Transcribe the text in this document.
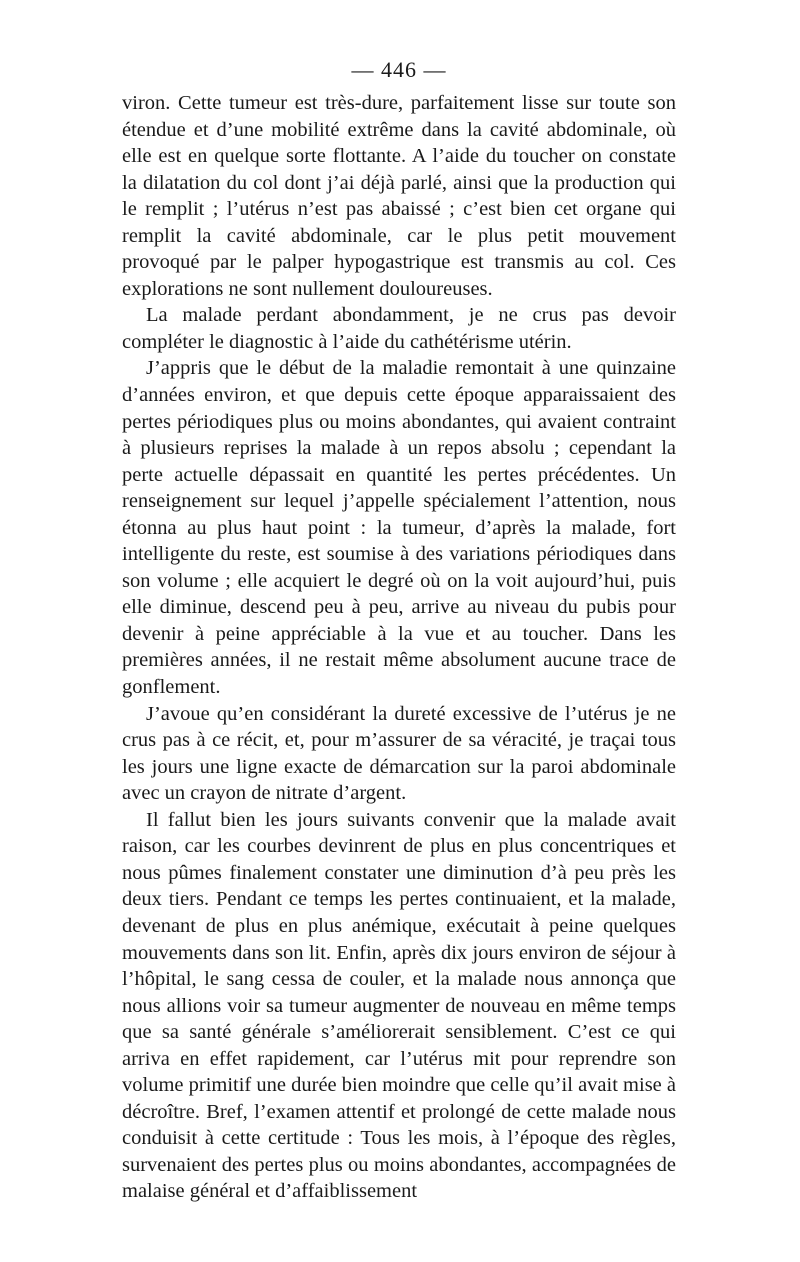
— 446 —

viron. Cette tumeur est très-dure, parfaitement lisse sur toute son étendue et d’une mobilité extrême dans la cavité abdominale, où elle est en quelque sorte flottante. A l’aide du toucher on constate la dilatation du col dont j’ai déjà parlé, ainsi que la production qui le remplit ; l’utérus n’est pas abaissé ; c’est bien cet organe qui remplit la cavité abdominale, car le plus petit mouvement provoqué par le palper hypogastrique est transmis au col. Ces explorations ne sont nullement douloureuses.

La malade perdant abondamment, je ne crus pas devoir compléter le diagnostic à l’aide du cathétérisme utérin.

J’appris que le début de la maladie remontait à une quinzaine d’années environ, et que depuis cette époque apparaissaient des pertes périodiques plus ou moins abondantes, qui avaient contraint à plusieurs reprises la malade à un repos absolu ; cependant la perte actuelle dépassait en quantité les pertes précédentes. Un renseignement sur lequel j’appelle spécialement l’attention, nous étonna au plus haut point : la tumeur, d’après la malade, fort intelligente du reste, est soumise à des variations périodiques dans son volume ; elle acquiert le degré où on la voit aujourd’hui, puis elle diminue, descend peu à peu, arrive au niveau du pubis pour devenir à peine appréciable à la vue et au toucher. Dans les premières années, il ne restait même absolument aucune trace de gonflement.

J’avoue qu’en considérant la dureté excessive de l’utérus je ne crus pas à ce récit, et, pour m’assurer de sa véracité, je traçai tous les jours une ligne exacte de démarcation sur la paroi abdominale avec un crayon de nitrate d’argent.

Il fallut bien les jours suivants convenir que la malade avait raison, car les courbes devinrent de plus en plus concentriques et nous pûmes finalement constater une diminution d’à peu près les deux tiers. Pendant ce temps les pertes continuaient, et la malade, devenant de plus en plus anémique, exécutait à peine quelques mouvements dans son lit. Enfin, après dix jours environ de séjour à l’hôpital, le sang cessa de couler, et la malade nous annonça que nous allions voir sa tumeur augmenter de nouveau en même temps que sa santé générale s’améliorerait sensiblement. C’est ce qui arriva en effet rapidement, car l’utérus mit pour reprendre son volume primitif une durée bien moindre que celle qu’il avait mise à décroître. Bref, l’examen attentif et prolongé de cette malade nous conduisit à cette certitude : Tous les mois, à l’époque des règles, survenaient des pertes plus ou moins abondantes, accompagnées de malaise général et d’affaiblissement
